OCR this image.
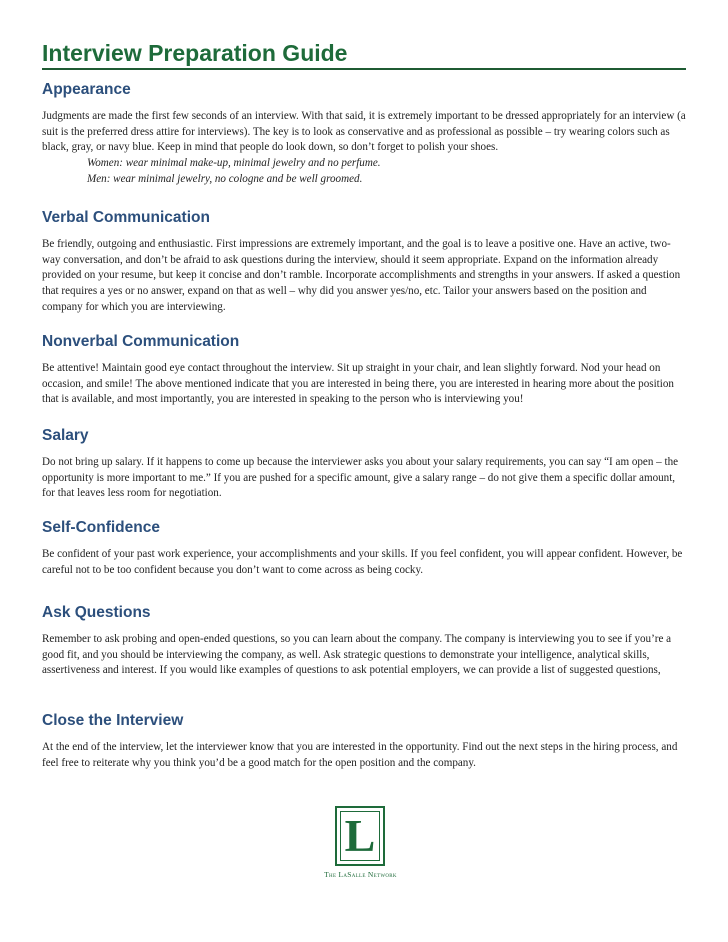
Interview Preparation Guide
Appearance

Judgments are made the first few seconds of an interview. With that said, it is extremely important to be dressed appropriately for an interview (a suit is the preferred dress attire for interviews). The key is to look as conservative and as professional as possible – try wearing colors such as black, gray, or navy blue. Keep in mind that people do look down, so don’t forget to polish your shoes.

Women: wear minimal make-up, minimal jewelry and no perfume.
Men: wear minimal jewelry, no cologne and be well groomed.
Verbal Communication

Be friendly, outgoing and enthusiastic. First impressions are extremely important, and the goal is to leave a positive one. Have an active, two-way conversation, and don’t be afraid to ask questions during the interview, should it seem appropriate. Expand on the information already provided on your resume, but keep it concise and don’t ramble. Incorporate accomplishments and strengths in your answers. If asked a question that requires a yes or no answer, expand on that as well – why did you answer yes/no, etc. Tailor your answers based on the position and company for which you are interviewing.

Nonverbal Communication

Be attentive! Maintain good eye contact throughout the interview. Sit up straight in your chair, and lean slightly forward. Nod your head on occasion, and smile! The above mentioned indicate that you are interested in being there, you are interested in hearing more about the position that is available, and most importantly, you are interested in speaking to the person who is interviewing you!

Salary

Do not bring up salary. If it happens to come up because the interviewer asks you about your salary requirements, you can say “I am open – the opportunity is more important to me.” If you are pushed for a specific amount, give a salary range – do not give them a specific dollar amount, for that leaves less room for negotiation.

Self-Confidence

Be confident of your past work experience, your accomplishments and your skills. If you feel confident, you will appear confident. However, be careful not to be too confident because you don’t want to come across as being cocky.

Ask Questions

Remember to ask probing and open-ended questions, so you can learn about the company. The company is interviewing you to see if you’re a good fit, and you should be interviewing the company, as well. Ask strategic questions to demonstrate your intelligence, analytical skills, assertiveness and interest. If you would like examples of questions to ask potential employers, we can provide a list of suggested questions,

Close the Interview

At the end of the interview, let the interviewer know that you are interested in the opportunity. Find out the next steps in the hiring process, and feel free to reiterate why you think you’d be a good match for the open position and the company.

L
The LaSalle Network
